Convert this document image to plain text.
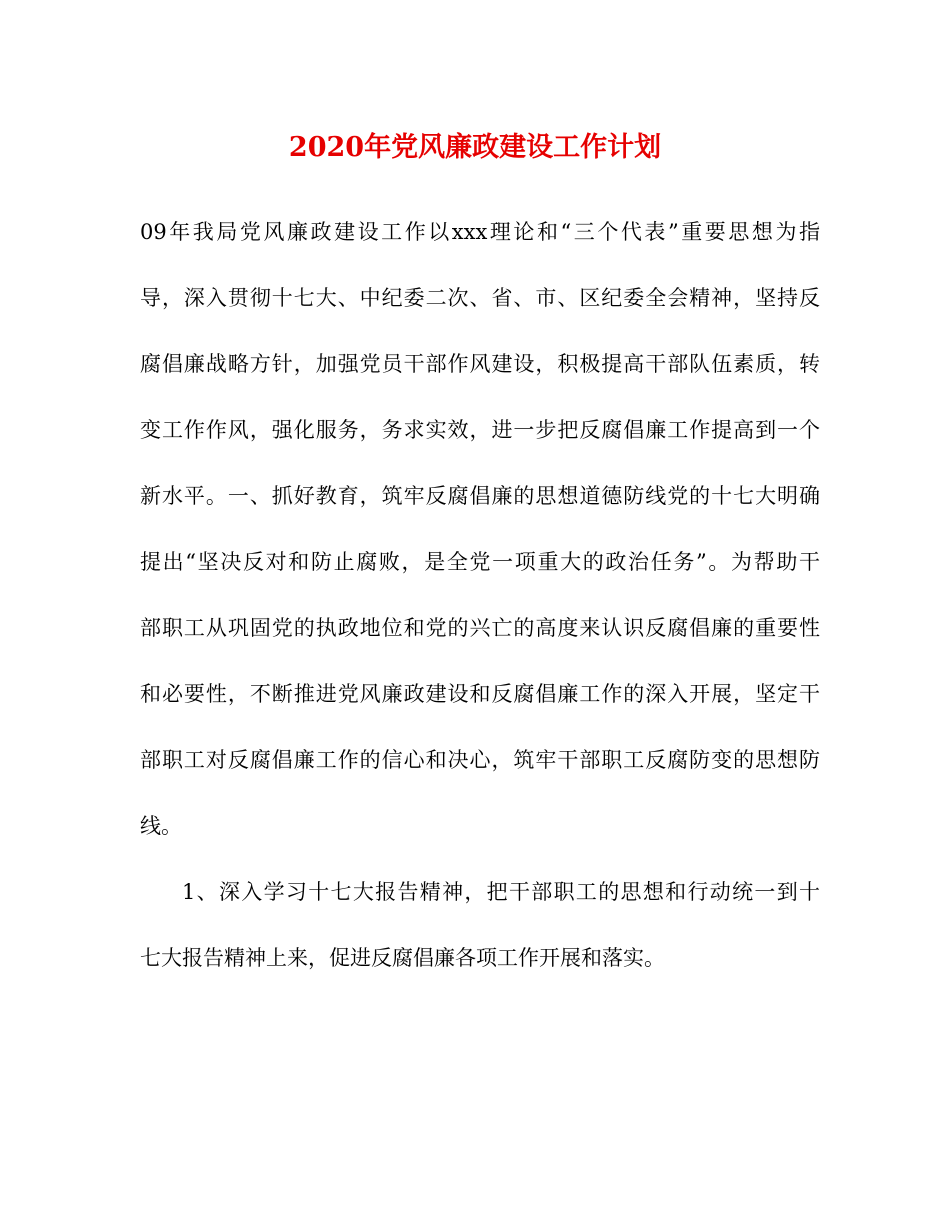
2020年党风廉政建设工作计划
09年我局党风廉政建设工作以xxx理论和“三个代表”重要思想为指
导，深入贯彻十七大、中纪委二次、省、市、区纪委全会精神，坚持反
腐倡廉战略方针，加强党员干部作风建设，积极提高干部队伍素质，转
变工作作风，强化服务，务求实效，进一步把反腐倡廉工作提高到一个
新水平。一、抓好教育，筑牢反腐倡廉的思想道德防线党的十七大明确
提出“坚决反对和防止腐败，是全党一项重大的政治任务”。为帮助干
部职工从巩固党的执政地位和党的兴亡的高度来认识反腐倡廉的重要性
和必要性，不断推进党风廉政建设和反腐倡廉工作的深入开展，坚定干
部职工对反腐倡廉工作的信心和决心，筑牢干部职工反腐防变的思想防
线。
1、深入学习十七大报告精神，把干部职工的思想和行动统一到十
七大报告精神上来，促进反腐倡廉各项工作开展和落实。
